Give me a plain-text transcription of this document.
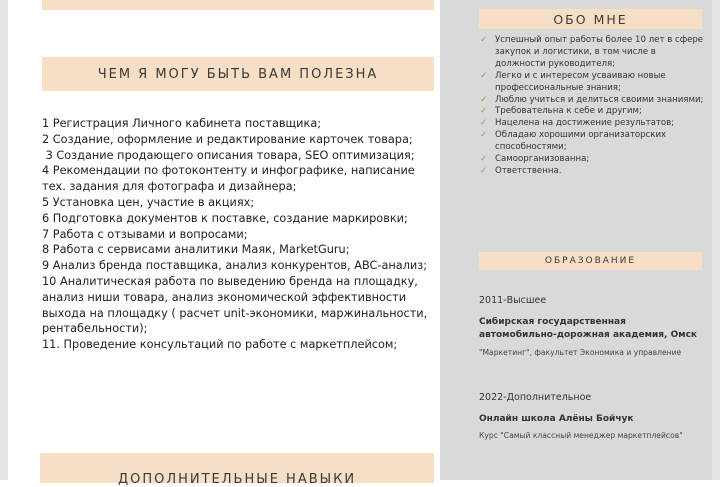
ЧЕМ Я МОГУ БЫТЬ ВАМ ПОЛЕЗНА
1 Регистрация Личного кабинета поставщика;
2 Создание, оформление и редактирование карточек товара;
3 Создание продающего описания товара, SEO оптимизация;
4 Рекомендации по фотоконтенту и инфографике, написание тех. задания для фотографа и дизайнера;
5 Установка цен, участие в акциях;
6 Подготовка документов к поставке, создание маркировки;
7 Работа с отзывами и вопросами;
8 Работа с сервисами аналитики Маяк, MarketGuru;
9 Анализ бренда поставщика, анализ конкурентов, ABC-анализ;
10 Аналитическая работа по выведению бренда на площадку, анализ ниши товара, анализ экономической эффективности выхода на площадку ( расчет unit-экономики, маржинальности, рентабельности);
11. Проведение консультаций по работе с маркетплейсом;
ДОПОЛНИТЕЛЬНЫЕ НАВЫКИ
ОБО МНЕ
✓ Успешный опыт работы более 10 лет в сфере закупок и логистики, в том числе в должности руководителя;
✓ Легко и с интересом усваиваю новые профессиональные знания;
✓ Люблю учиться и делиться своими знаниями;
✓ Требовательна к себе и другим;
✓ Нацелена на достижение результатов;
✓ Обладаю хорошими организаторских способностями;
✓ Самоорганизованна;
✓ Ответственна.
ОБРАЗОВАНИЕ
2011-Высшее
Сибирская государственная автомобильно-дорожная академия, Омск
"Маркетинг", факультет Экономика и управление
2022-Дополнительное
Онлайн школа Алёны Бойчук
Курс "Самый классный менеджер маркетплейсов"
